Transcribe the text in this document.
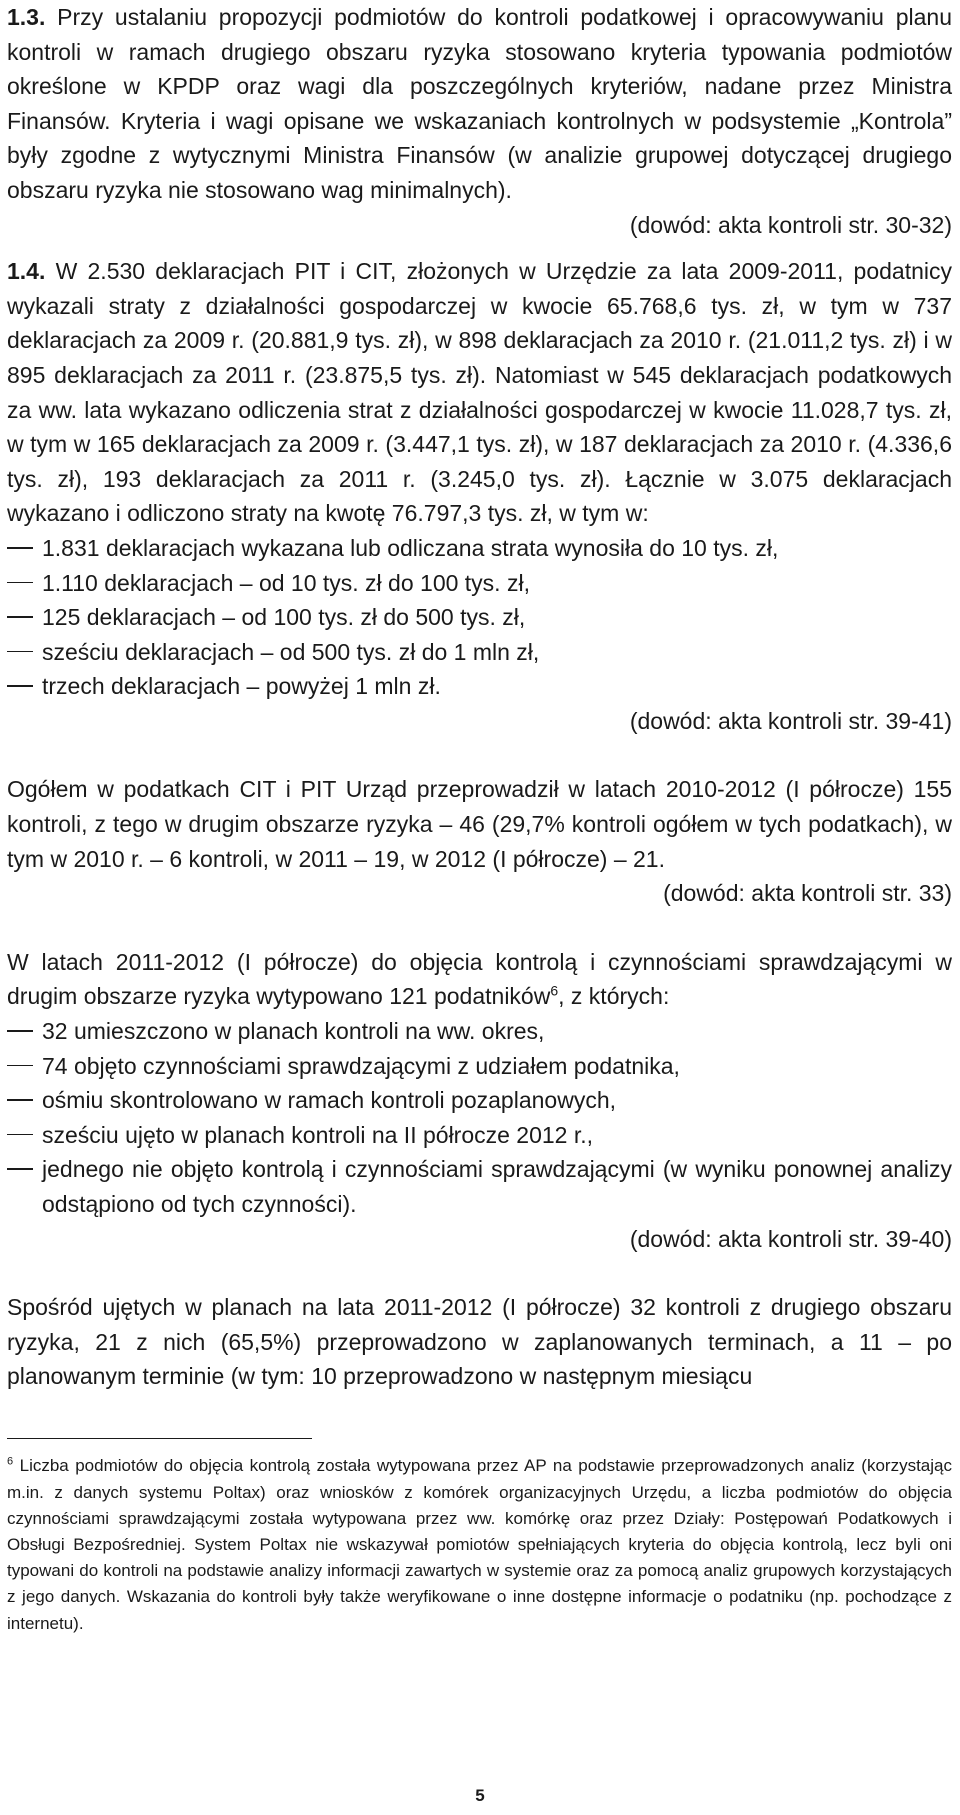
1.3. Przy ustalaniu propozycji podmiotów do kontroli podatkowej i opracowywaniu planu kontroli w ramach drugiego obszaru ryzyka stosowano kryteria typowania podmiotów określone w KPDP oraz wagi dla poszczególnych kryteriów, nadane przez Ministra Finansów. Kryteria i wagi opisane we wskazaniach kontrolnych w podsystemie „Kontrola” były zgodne z wytycznymi Ministra Finansów (w analizie grupowej dotyczącej drugiego obszaru ryzyka nie stosowano wag minimalnych).

(dowód: akta kontroli str. 30-32)

1.4. W 2.530 deklaracjach PIT i CIT, złożonych w Urzędzie za lata 2009-2011, podatnicy wykazali straty z działalności gospodarczej w kwocie 65.768,6 tys. zł, w tym w 737 deklaracjach za 2009 r. (20.881,9 tys. zł), w 898 deklaracjach za 2010 r. (21.011,2 tys. zł) i w 895 deklaracjach za 2011 r. (23.875,5 tys. zł). Natomiast w 545 deklaracjach podatkowych za ww. lata wykazano odliczenia strat z działalności gospodarczej w kwocie 11.028,7 tys. zł, w tym w 165 deklaracjach za 2009 r. (3.447,1 tys. zł), w 187 deklaracjach za 2010 r. (4.336,6 tys. zł), 193 deklaracjach za 2011 r. (3.245,0 tys. zł). Łącznie w 3.075 deklaracjach wykazano i odliczono straty na kwotę 76.797,3 tys. zł, w tym w:

1.831 deklaracjach wykazana lub odliczana strata wynosiła do 10 tys. zł,
1.110 deklaracjach – od 10 tys. zł do 100 tys. zł,
125 deklaracjach – od 100 tys. zł do 500 tys. zł,
sześciu deklaracjach – od 500 tys. zł do 1 mln zł,
trzech deklaracjach – powyżej 1 mln zł.

(dowód: akta kontroli str. 39-41)

Ogółem w podatkach CIT i PIT Urząd przeprowadził w latach 2010-2012 (I półrocze) 155 kontroli, z tego w drugim obszarze ryzyka – 46 (29,7% kontroli ogółem w tych podatkach), w tym w 2010 r. – 6 kontroli, w 2011 – 19, w 2012 (I półrocze) – 21.

(dowód: akta kontroli str. 33)

W latach 2011-2012 (I półrocze) do objęcia kontrolą i czynnościami sprawdzającymi w drugim obszarze ryzyka wytypowano 121 podatników$^6$, z których:

32 umieszczono w planach kontroli na ww. okres,
74 objęto czynnościami sprawdzającymi z udziałem podatnika,
ośmiu skontrolowano w ramach kontroli pozaplanowych,
sześciu ujęto w planach kontroli na II półrocze 2012 r.,
jednego nie objęto kontrolą i czynnościami sprawdzającymi (w wyniku ponownej analizy odstąpiono od tych czynności).

(dowód: akta kontroli str. 39-40)

Spośród ujętych w planach na lata 2011-2012 (I półrocze) 32 kontroli z drugiego obszaru ryzyka, 21 z nich (65,5%) przeprowadzono w zaplanowanych terminach, a 11 – po planowanym terminie (w tym: 10 przeprowadzono w następnym miesiącu

$^6$ Liczba podmiotów do objęcia kontrolą została wytypowana przez AP na podstawie przeprowadzonych analiz (korzystając m.in. z danych systemu Poltax) oraz wniosków z komórek organizacyjnych Urzędu, a liczba podmiotów do objęcia czynnościami sprawdzającymi została wytypowana przez ww. komórkę oraz przez Działy: Postępowań Podatkowych i Obsługi Bezpośredniej. System Poltax nie wskazywał pomiotów spełniających kryteria do objęcia kontrolą, lecz byli oni typowani do kontroli na podstawie analizy informacji zawartych w systemie oraz za pomocą analiz grupowych korzystających z jego danych. Wskazania do kontroli były także weryfikowane o inne dostępne informacje o podatniku (np. pochodzące z internetu).

5
